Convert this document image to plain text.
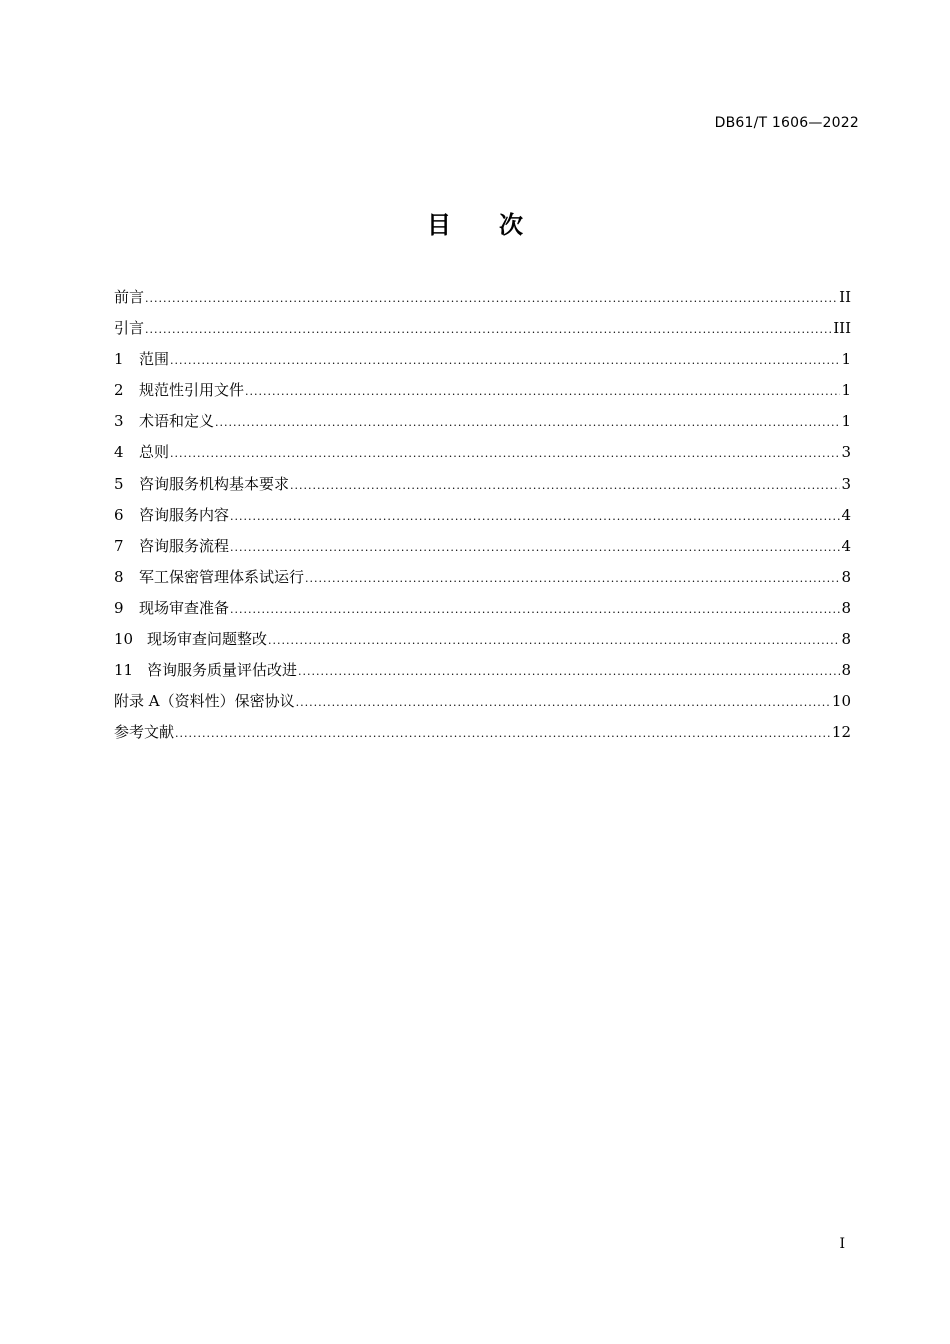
DB61/T 1606—2022
目 次
前言 .....	II
引言 .....	III
1	范围 .....	1
2	规范性引用文件 .....	1
3	术语和定义 .....	1
4	总则 .....	3
5	咨询服务机构基本要求 .....	3
6	咨询服务内容 .....	4
7	咨询服务流程 .....	4
8	军工保密管理体系试运行 .....	8
9	现场审查准备 .....	8
10 现场审查问题整改 .....	8
11 咨询服务质量评估改进 .....	8
附录 A（资料性）保密协议 .....	10
参考文献 .....	12
I
